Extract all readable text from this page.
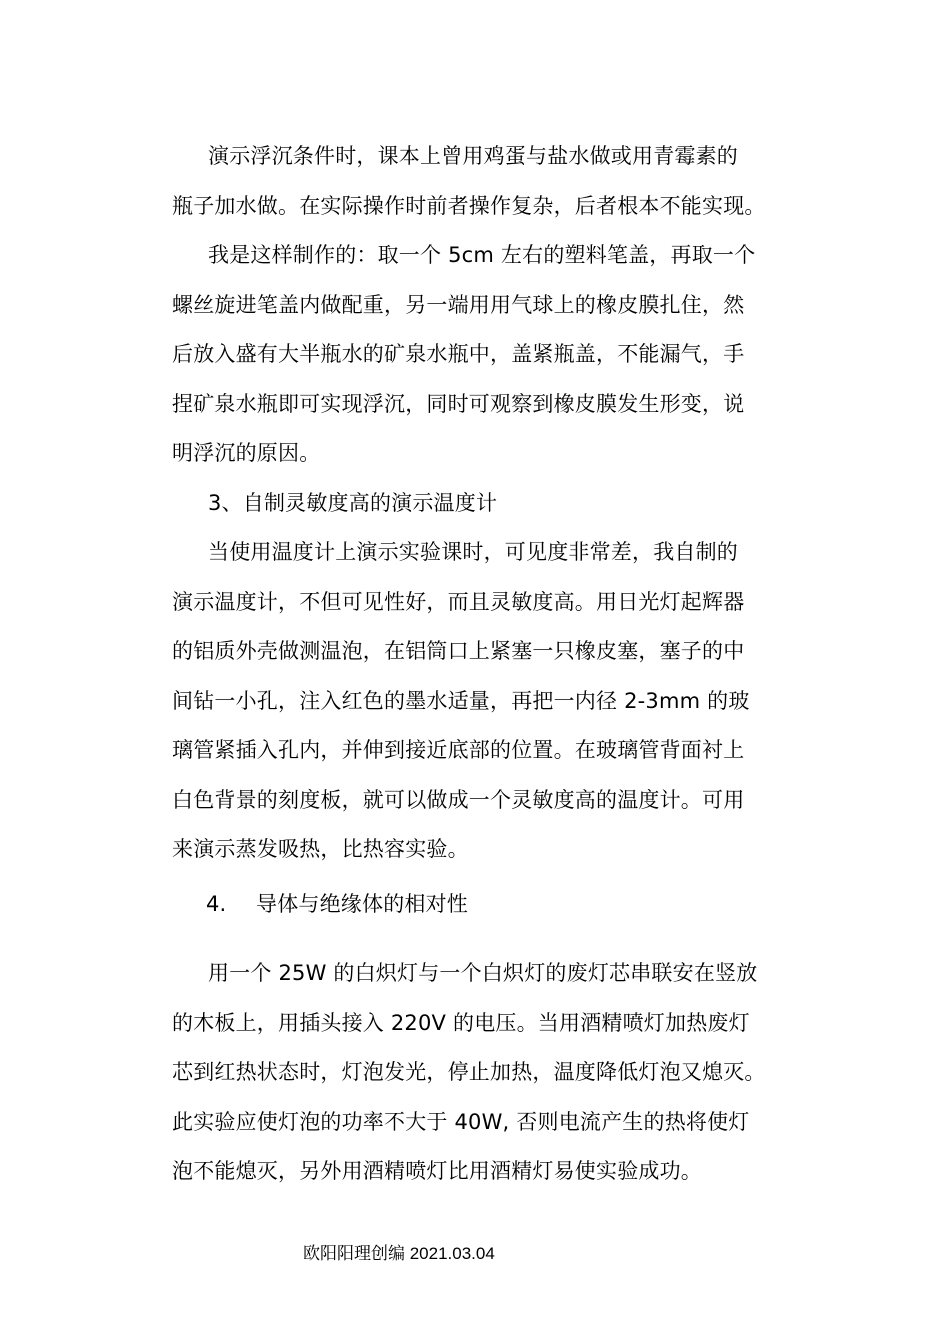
演示浮沉条件时，课本上曾用鸡蛋与盐水做或用青霉素的
瓶子加水做。在实际操作时前者操作复杂，后者根本不能实现。
我是这样制作的：取一个 5cm 左右的塑料笔盖，再取一个
螺丝旋进笔盖内做配重，另一端用用气球上的橡皮膜扎住，然
后放入盛有大半瓶水的矿泉水瓶中，盖紧瓶盖，不能漏气，手
捏矿泉水瓶即可实现浮沉，同时可观察到橡皮膜发生形变，说
明浮沉的原因。
3、自制灵敏度高的演示温度计
当使用温度计上演示实验课时，可见度非常差，我自制的
演示温度计，不但可见性好，而且灵敏度高。用日光灯起辉器
的铝质外壳做测温泡，在铝筒口上紧塞一只橡皮塞，塞子的中
间钻一小孔，注入红色的墨水适量，再把一内径 2-3mm 的玻
璃管紧插入孔内，并伸到接近底部的位置。在玻璃管背面衬上
白色背景的刻度板，就可以做成一个灵敏度高的温度计。可用
来演示蒸发吸热，比热容实验。
4. 导体与绝缘体的相对性
用一个 25W 的白炽灯与一个白炽灯的废灯芯串联安在竖放
的木板上，用插头接入 220V 的电压。当用酒精喷灯加热废灯
芯到红热状态时，灯泡发光，停止加热，温度降低灯泡又熄灭。
此实验应使灯泡的功率不大于 40W, 否则电流产生的热将使灯
泡不能熄灭，另外用酒精喷灯比用酒精灯易使实验成功。
欧阳阳理创编 2021.03.04
